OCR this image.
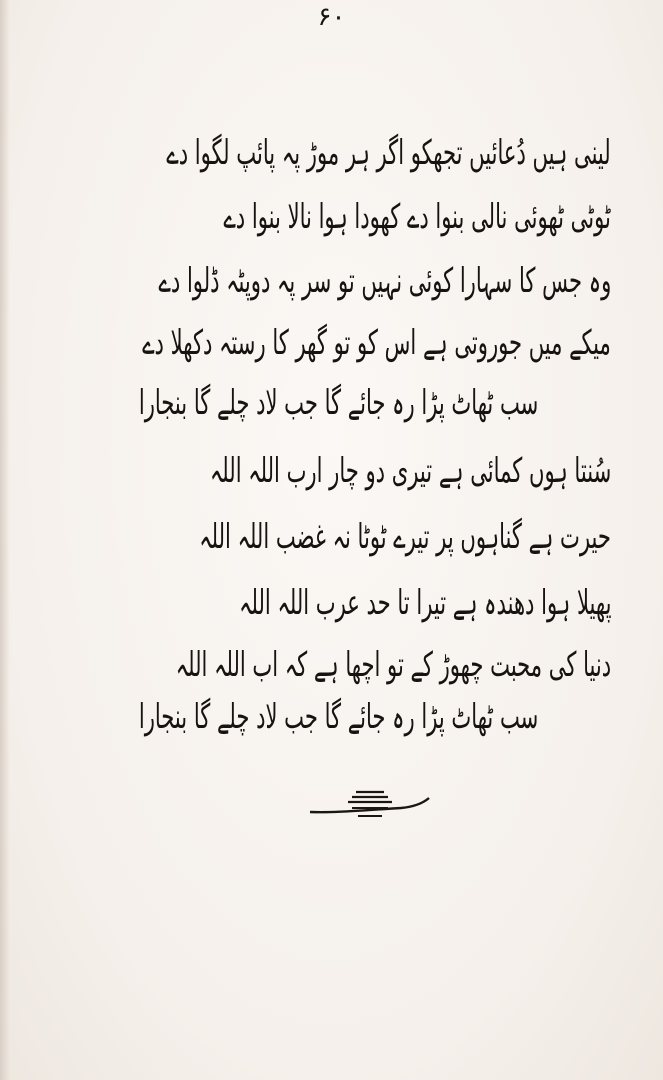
۶۰
لینی ہیں دُعائیں تجھکو اگر ہر موڑ پہ پائپ لگوا دے
ٹوٹی ٹھوئی نالی بنوا دے کھودا ہوا نالا بنوا دے
وہ جس کا سہارا کوئی نہیں تو سر پہ دوپٹہ ڈلوا دے
میکے میں جوروتی ہے اس کو تو گھر کا رستہ دکھلا دے
سب ٹھاٹ پڑا رہ جائے گا جب لاد چلے گا بنجارا
سُنتا ہوں کمائی ہے تیری دو چار ارب اللہ اللہ
حیرت ہے گناہوں پر تیرے ٹوٹا نہ غضب اللہ اللہ
پھیلا ہوا دھندہ ہے تیرا تا حد عرب اللہ اللہ
دنیا کی محبت چھوڑ کے تو اچھا ہے کہ اب اللہ اللہ
سب ٹھاٹ پڑا رہ جائے گا جب لاد چلے گا بنجارا
